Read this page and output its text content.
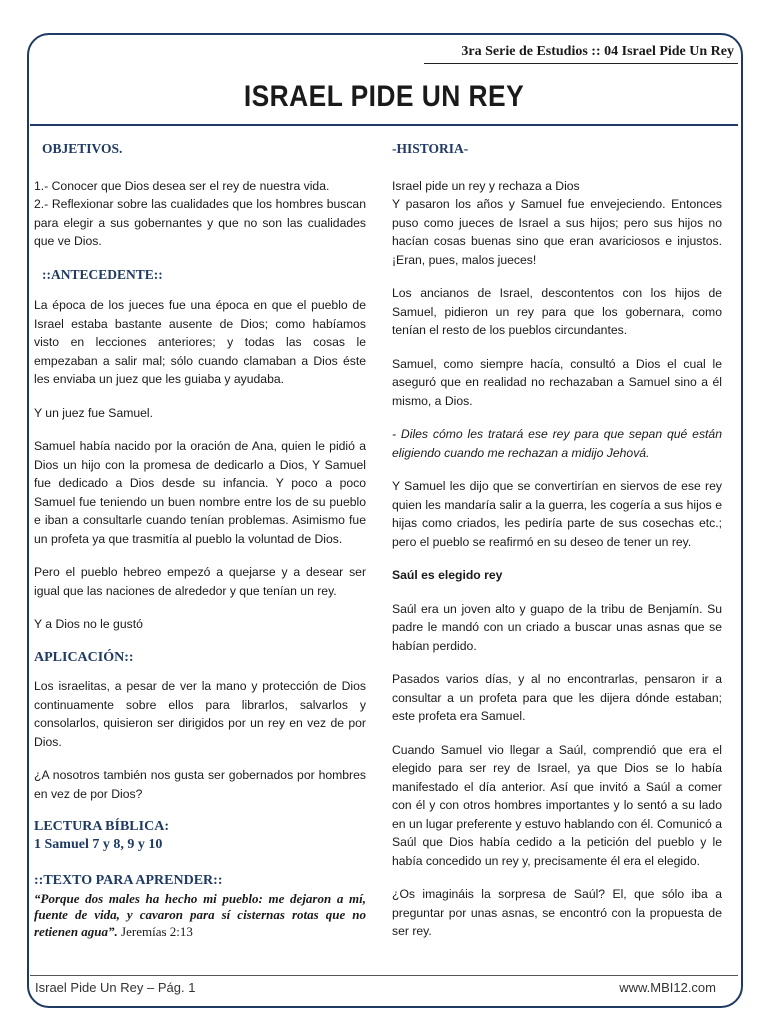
3ra Serie de Estudios :: 04 Israel Pide Un Rey
ISRAEL PIDE UN REY
OBJETIVOS.

1.- Conocer que Dios desea ser el rey de nuestra vida.

2.- Reflexionar sobre las cualidades que los hombres buscan para elegir a sus gobernantes y que no son las cualidades que ve Dios.

::ANTECEDENTE::

La época de los jueces fue una época en que el pueblo de Israel estaba bastante ausente de Dios; como habíamos visto en lecciones anteriores; y todas las cosas le empezaban a salir mal; sólo cuando clamaban a Dios éste les enviaba un juez que les guiaba y ayudaba.

Y un juez fue Samuel.

Samuel había nacido por la oración de Ana, quien le pidió a Dios un hijo con la promesa de dedicarlo a Dios, Y Samuel fue dedicado a Dios desde su infancia. Y poco a poco Samuel fue teniendo un buen nombre entre los de su pueblo e iban a consultarle cuando tenían problemas. Asimismo fue un profeta ya que trasmitía al pueblo la voluntad de Dios.

Pero el pueblo hebreo empezó a quejarse y a desear ser igual que las naciones de alrededor y que tenían un rey.

Y a Dios no le gustó

APLICACIÓN::

Los israelitas, a pesar de ver la mano y protección de Dios continuamente sobre ellos para librarlos, salvarlos y consolarlos, quisieron ser dirigidos por un rey en vez de por Dios.

¿A nosotros también nos gusta ser gobernados por hombres en vez de por Dios?

LECTURA BÍBLICA:
1 Samuel 7 y 8, 9 y 10
::TEXTO PARA APRENDER::

“Porque dos males ha hecho mi pueblo: me dejaron a mí, fuente de vida, y cavaron para sí cisternas rotas que no retienen agua”. Jeremías 2:13

-HISTORIA-

Israel pide un rey y rechaza a Dios

Y pasaron los años y Samuel fue envejeciendo. Entonces puso como jueces de Israel a sus hijos; pero sus hijos no hacían cosas buenas sino que eran avariciosos e injustos. ¡Eran, pues, malos jueces!

Los ancianos de Israel, descontentos con los hijos de Samuel, pidieron un rey para que los gobernara, como tenían el resto de los pueblos circundantes.

Samuel, como siempre hacía, consultó a Dios el cual le aseguró que en realidad no rechazaban a Samuel sino a él mismo, a Dios.

- Diles cómo les tratará ese rey para que sepan qué están eligiendo cuando me rechazan a midijo Jehová.

Y Samuel les dijo que se convertirían en siervos de ese rey quien les mandaría salir a la guerra, les cogería a sus hijos e hijas como criados, les pediría parte de sus cosechas etc.; pero el pueblo se reafirmó en su deseo de tener un rey.

Saúl es elegido rey

Saúl era un joven alto y guapo de la tribu de Benjamín. Su padre le mandó con un criado a buscar unas asnas que se habían perdido.

Pasados varios días, y al no encontrarlas, pensaron ir a consultar a un profeta para que les dijera dónde estaban; este profeta era Samuel.

Cuando Samuel vio llegar a Saúl, comprendió que era el elegido para ser rey de Israel, ya que Dios se lo había manifestado el día anterior. Así que invitó a Saúl a comer con él y con otros hombres importantes y lo sentó a su lado en un lugar preferente y estuvo hablando con él. Comunicó a Saúl que Dios había cedido a la petición del pueblo y le había concedido un rey y, precisamente él era el elegido.

¿Os imagináis la sorpresa de Saúl? El, que sólo iba a preguntar por unas asnas, se encontró con la propuesta de ser rey.

Israel Pide Un Rey – Pág. 1	www.MBI12.com
